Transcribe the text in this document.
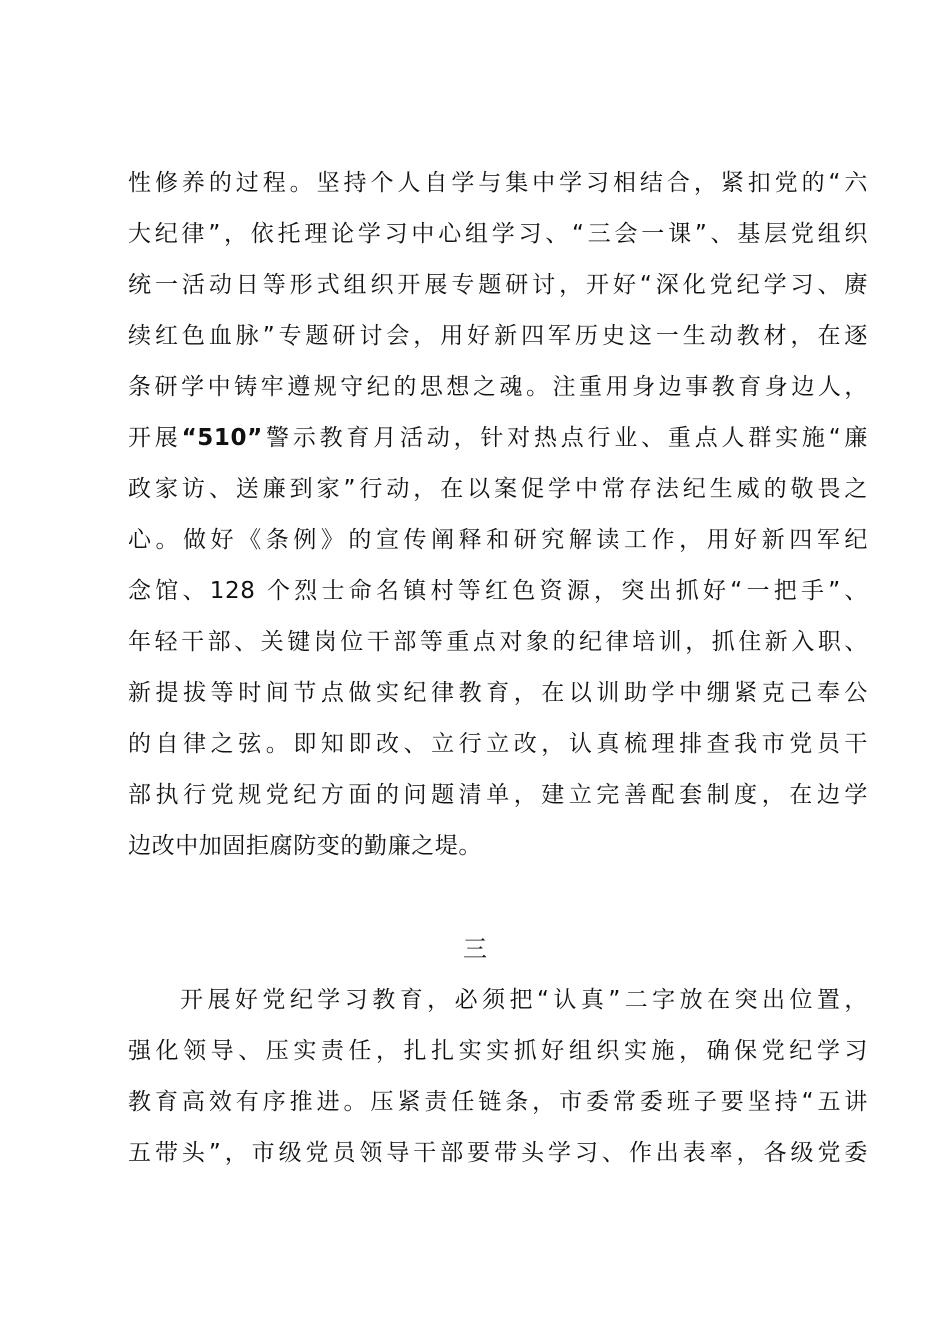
性修养的过程。坚持个人自学与集中学习相结合，紧扣党的“六
大纪律”，依托理论学习中心组学习、“三会一课”、基层党组织
统一活动日等形式组织开展专题研讨，开好“深化党纪学习、赓
续红色血脉”专题研讨会，用好新四军历史这一生动教材，在逐
条研学中铸牢遵规守纪的思想之魂。注重用身边事教育身边人，
开展“510”警示教育月活动，针对热点行业、重点人群实施“廉
政家访、送廉到家”行动，在以案促学中常存法纪生威的敬畏之
心。做好《条例》的宣传阐释和研究解读工作，用好新四军纪
念馆、128 个烈士命名镇村等红色资源，突出抓好“一把手”、
年轻干部、关键岗位干部等重点对象的纪律培训，抓住新入职、
新提拔等时间节点做实纪律教育，在以训助学中绷紧克己奉公
的自律之弦。即知即改、立行立改，认真梳理排查我市党员干
部执行党规党纪方面的问题清单，建立完善配套制度，在边学
边改中加固拒腐防变的勤廉之堤。
三
开展好党纪学习教育，必须把“认真”二字放在突出位置，
强化领导、压实责任，扎扎实实抓好组织实施，确保党纪学习
教育高效有序推进。压紧责任链条，市委常委班子要坚持“五讲
五带头”，市级党员领导干部要带头学习、作出表率，各级党委
